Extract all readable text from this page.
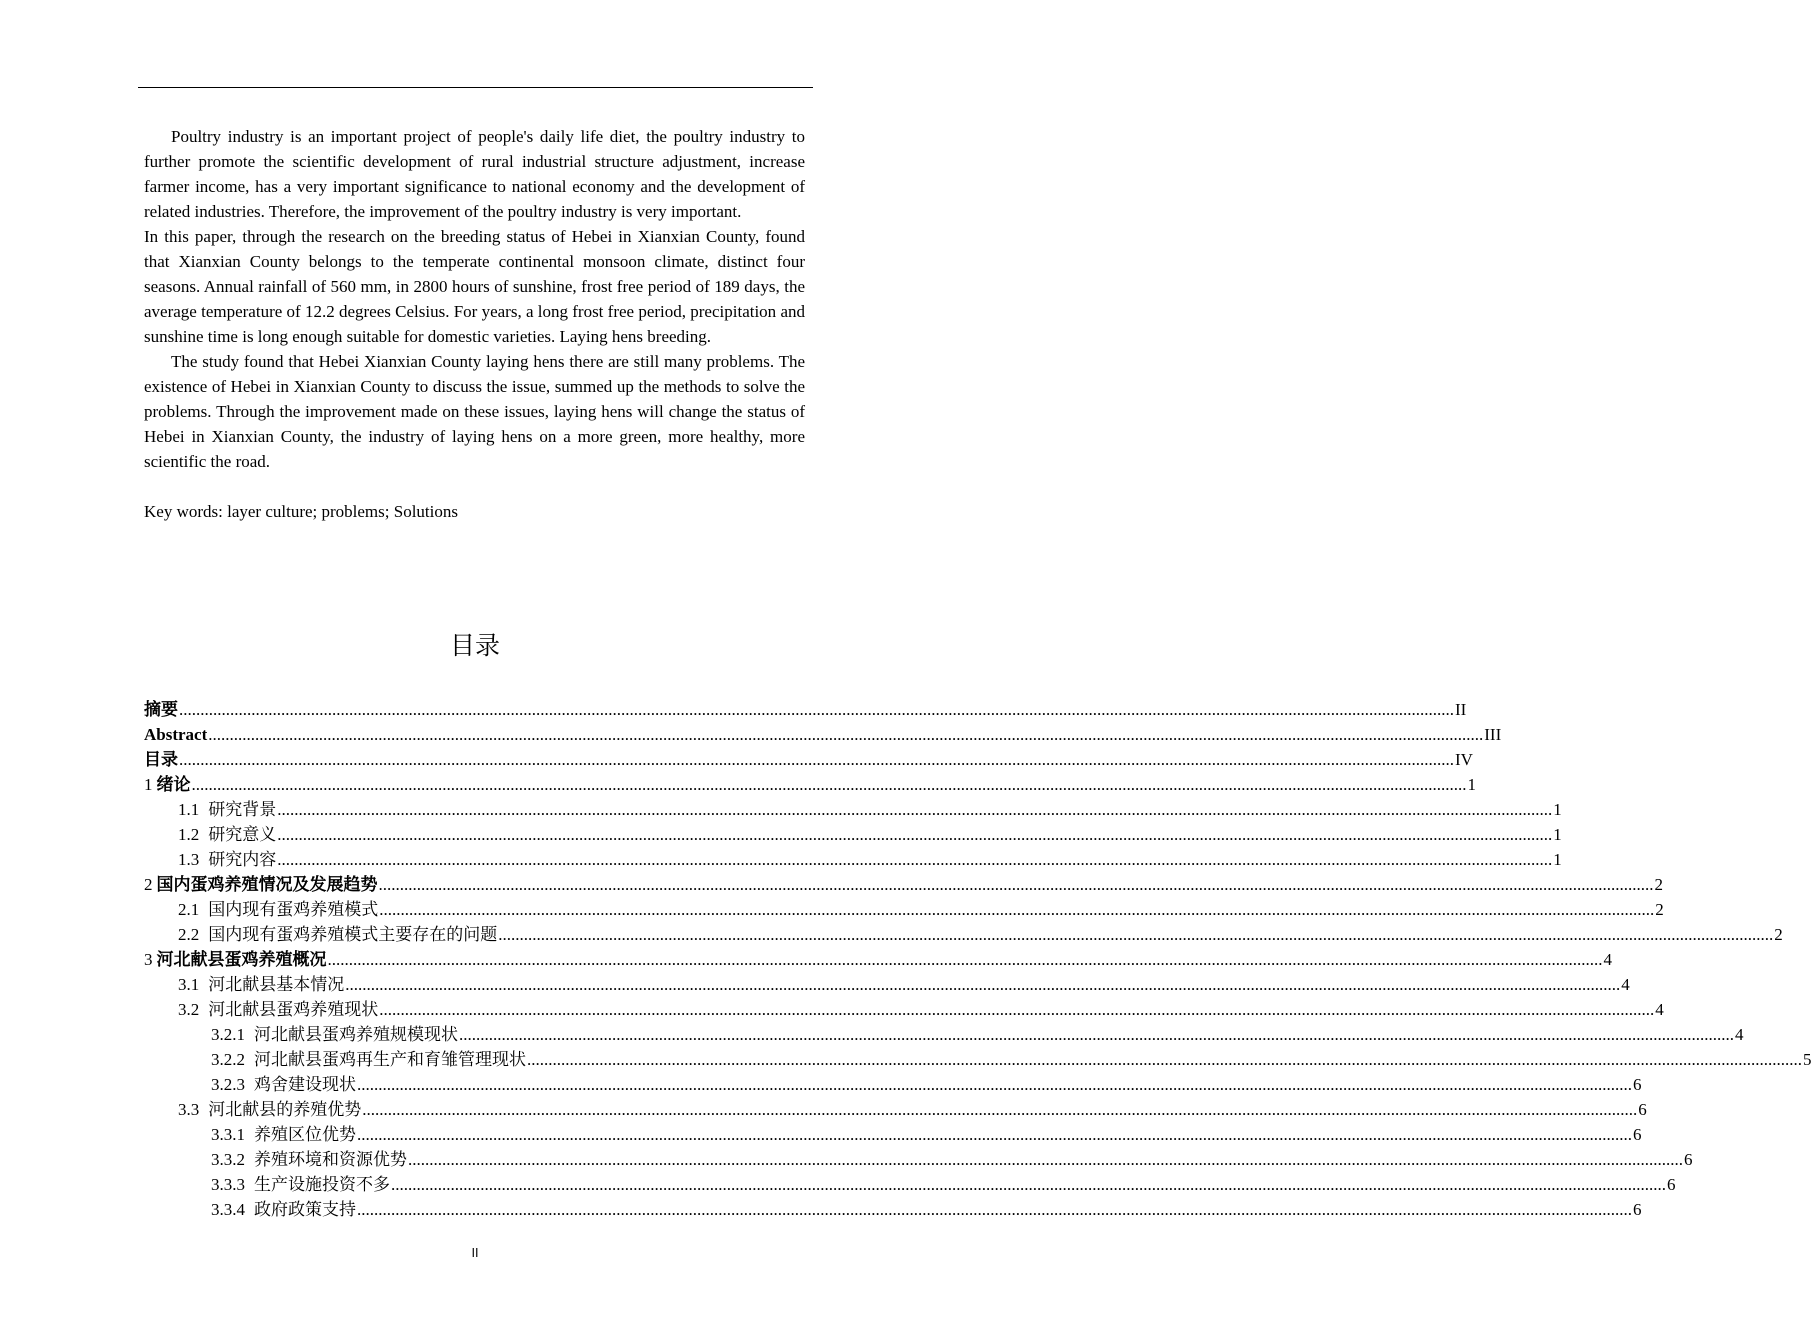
Poultry industry is an important project of people's daily life diet, the poultry industry to further promote the scientific development of rural industrial structure adjustment, increase farmer income, has a very important significance to national economy and the development of related industries. Therefore, the improvement of the poultry industry is very important.

In this paper, through the research on the breeding status of Hebei in Xianxian County, found that Xianxian County belongs to the temperate continental monsoon climate, distinct four seasons. Annual rainfall of 560 mm, in 2800 hours of sunshine, frost free period of 189 days, the average temperature of 12.2 degrees Celsius. For years, a long frost free period, precipitation and sunshine time is long enough suitable for domestic varieties. Laying hens breeding.

The study found that Hebei Xianxian County laying hens there are still many problems. The existence of Hebei in Xianxian County to discuss the issue, summed up the methods to solve the problems. Through the improvement made on these issues, laying hens will change the status of Hebei in Xianxian County, the industry of laying hens on a more green, more healthy, more scientific the road.

Key words: layer culture; problems; Solutions

目录
摘要 ............................................................................................................................................................................................................................................................................................................ II
Abstract ............................................................................................................................................................................................................................................................................................................ III
目录 ............................................................................................................................................................................................................................................................................................................ IV
1 绪论 ............................................................................................................................................................................................................................................................................................................ 1
1.1 研究背景 ............................................................................................................................................................................................................................................................................................................ 1
1.2 研究意义 ............................................................................................................................................................................................................................................................................................................ 1
1.3 研究内容 ............................................................................................................................................................................................................................................................................................................ 1
2 国内蛋鸡养殖情况及发展趋势 ............................................................................................................................................................................................................................................................................................................ 2
2.1 国内现有蛋鸡养殖模式 ............................................................................................................................................................................................................................................................................................................ 2
2.2 国内现有蛋鸡养殖模式主要存在的问题 ............................................................................................................................................................................................................................................................................................................ 2
3 河北献县蛋鸡养殖概况 ............................................................................................................................................................................................................................................................................................................ 4
3.1 河北献县基本情况 ............................................................................................................................................................................................................................................................................................................ 4
3.2 河北献县蛋鸡养殖现状 ............................................................................................................................................................................................................................................................................................................ 4
3.2.1 河北献县蛋鸡养殖规模现状 ............................................................................................................................................................................................................................................................................................................ 4
3.2.2 河北献县蛋鸡再生产和育雏管理现状 ............................................................................................................................................................................................................................................................................................................ 5
3.2.3 鸡舍建设现状 ............................................................................................................................................................................................................................................................................................................ 6
3.3 河北献县的养殖优势 ............................................................................................................................................................................................................................................................................................................ 6
3.3.1 养殖区位优势 ............................................................................................................................................................................................................................................................................................................ 6
3.3.2 养殖环境和资源优势 ............................................................................................................................................................................................................................................................................................................ 6
3.3.3 生产设施投资不多 ............................................................................................................................................................................................................................................................................................................ 6
3.3.4 政府政策支持 ............................................................................................................................................................................................................................................................................................................ 6
II
